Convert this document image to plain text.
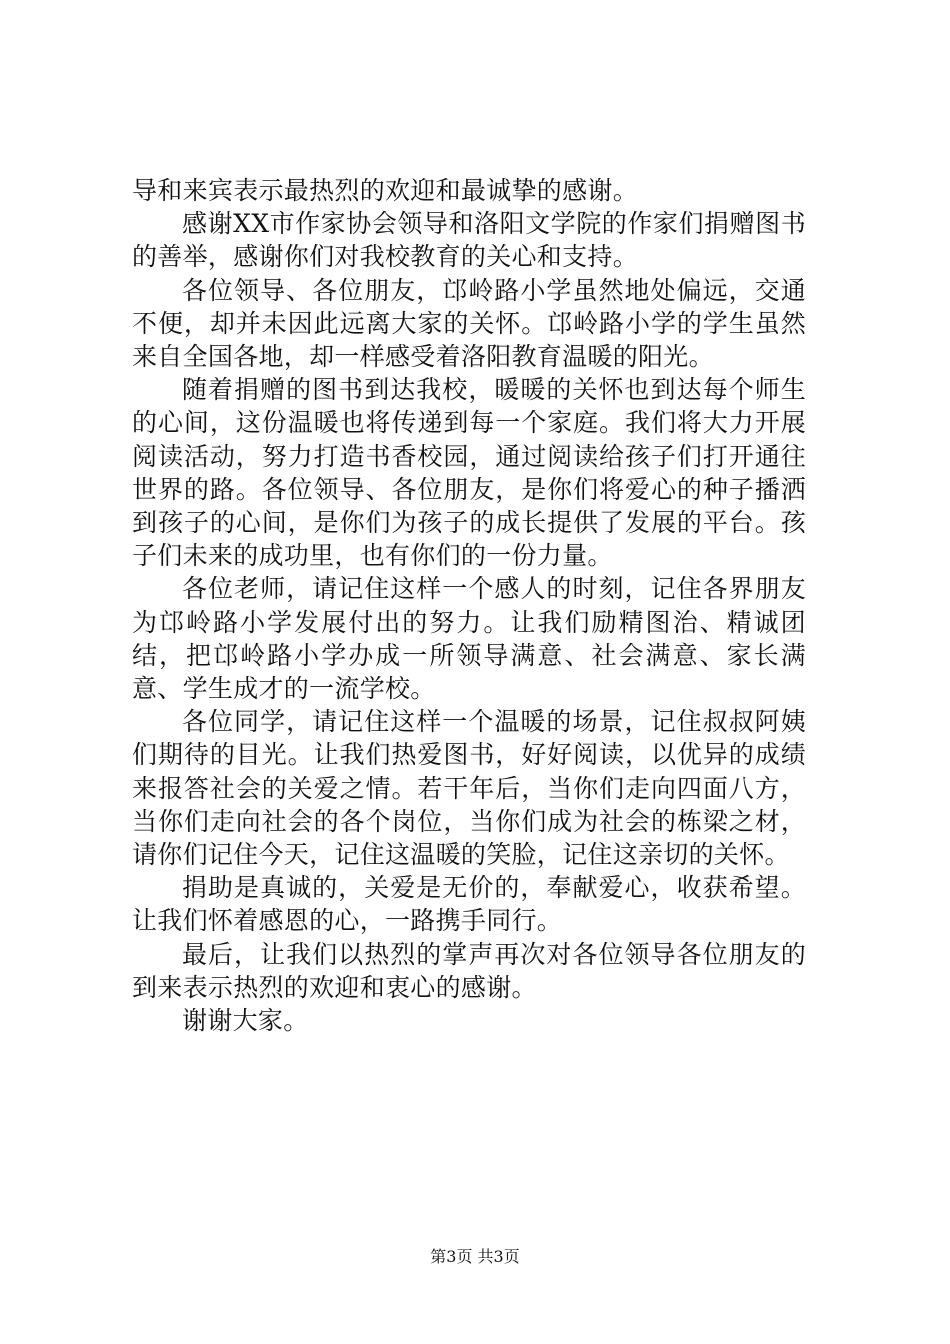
导和来宾表示最热烈的欢迎和最诚挚的感谢。

感谢XX市作家协会领导和洛阳文学院的作家们捐赠图书的善举，感谢你们对我校教育的关心和支持。

各位领导、各位朋友，邙岭路小学虽然地处偏远，交通不便，却并未因此远离大家的关怀。邙岭路小学的学生虽然来自全国各地，却一样感受着洛阳教育温暖的阳光。

随着捐赠的图书到达我校，暖暖的关怀也到达每个师生的心间，这份温暖也将传递到每一个家庭。我们将大力开展阅读活动，努力打造书香校园，通过阅读给孩子们打开通往世界的路。各位领导、各位朋友，是你们将爱心的种子播洒到孩子的心间，是你们为孩子的成长提供了发展的平台。孩子们未来的成功里，也有你们的一份力量。

各位老师，请记住这样一个感人的时刻，记住各界朋友为邙岭路小学发展付出的努力。让我们励精图治、精诚团结，把邙岭路小学办成一所领导满意、社会满意、家长满意、学生成才的一流学校。

各位同学，请记住这样一个温暖的场景，记住叔叔阿姨们期待的目光。让我们热爱图书，好好阅读，以优异的成绩来报答社会的关爱之情。若干年后，当你们走向四面八方，当你们走向社会的各个岗位，当你们成为社会的栋梁之材，请你们记住今天，记住这温暖的笑脸，记住这亲切的关怀。

捐助是真诚的，关爱是无价的，奉献爱心，收获希望。让我们怀着感恩的心，一路携手同行。

最后，让我们以热烈的掌声再次对各位领导各位朋友的到来表示热烈的欢迎和衷心的感谢。

谢谢大家。

第3页 共3页
